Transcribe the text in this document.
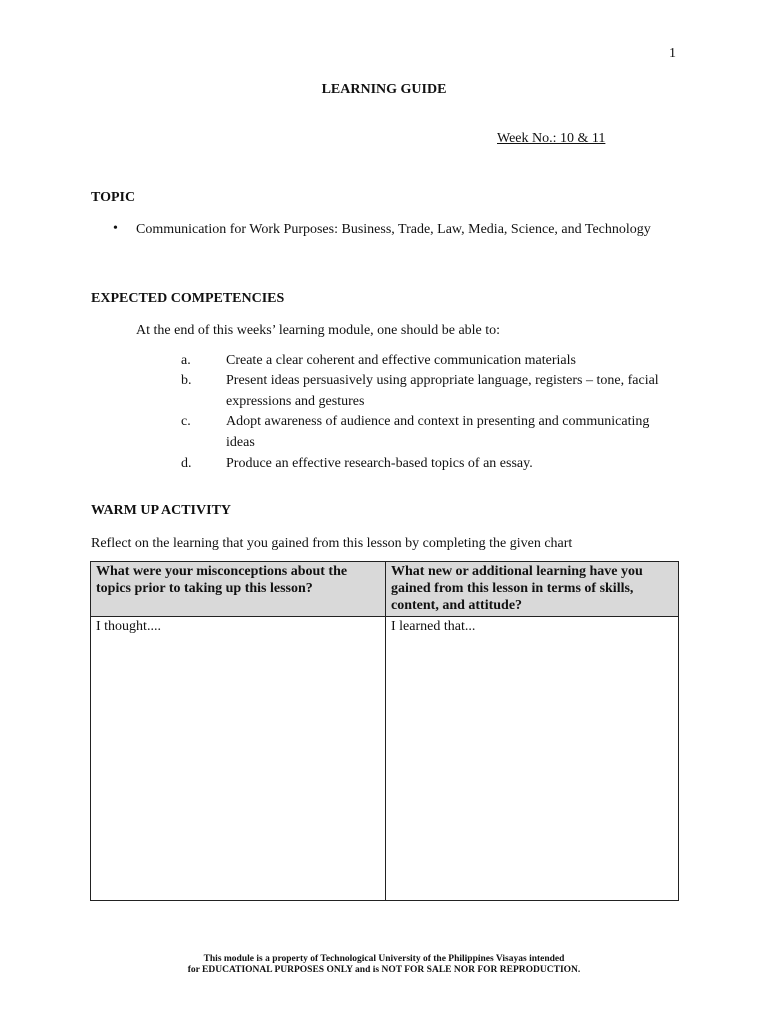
1
LEARNING GUIDE
Week No.: 10 & 11
TOPIC
• Communication for Work Purposes: Business, Trade, Law, Media, Science, and Technology
EXPECTED COMPETENCIES
At the end of this weeks’ learning module, one should be able to:
a.	Create a clear coherent and effective communication materials
b. Present ideas persuasively using appropriate language, registers – tone, facial expressions and gestures
c.	Adopt awareness of audience and context in presenting and communicating ideas
d. Produce an effective research-based topics of an essay.
WARM UP ACTIVITY
Reflect on the learning that you gained from this lesson by completing the given chart
What were your misconceptions about the topics prior to taking up this lesson?	What new or additional learning have you gained from this lesson in terms of skills, content, and attitude?
I thought....	I learned that...
This module is a property of Technological University of the Philippines Visayas intended
for EDUCATIONAL PURPOSES ONLY and is NOT FOR SALE NOR FOR REPRODUCTION.
